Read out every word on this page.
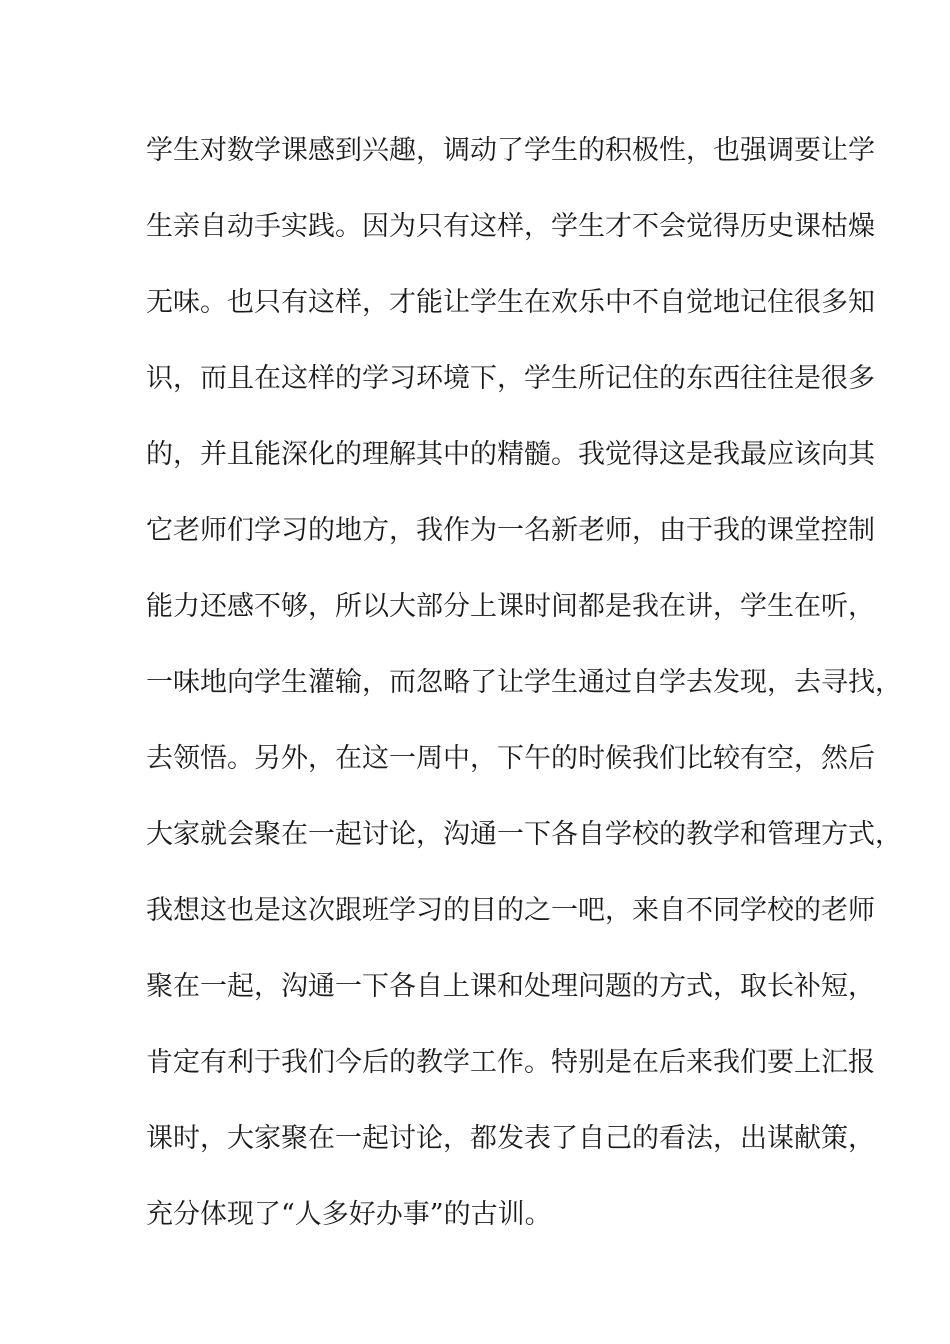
学生对数学课感到兴趣，调动了学生的积极性，也强调要让学
生亲自动手实践。因为只有这样，学生才不会觉得历史课枯燥
无味。也只有这样，才能让学生在欢乐中不自觉地记住很多知
识，而且在这样的学习环境下，学生所记住的东西往往是很多
的，并且能深化的理解其中的精髓。我觉得这是我最应该向其
它老师们学习的地方，我作为一名新老师，由于我的课堂控制
能力还感不够，所以大部分上课时间都是我在讲，学生在听，
一味地向学生灌输，而忽略了让学生通过自学去发现，去寻找，
去领悟。另外，在这一周中，下午的时候我们比较有空，然后
大家就会聚在一起讨论，沟通一下各自学校的教学和管理方式，
我想这也是这次跟班学习的目的之一吧，来自不同学校的老师
聚在一起，沟通一下各自上课和处理问题的方式，取长补短，
肯定有利于我们今后的教学工作。特别是在后来我们要上汇报
课时，大家聚在一起讨论，都发表了自己的看法，出谋献策，
充分体现了“人多好办事”的古训。
